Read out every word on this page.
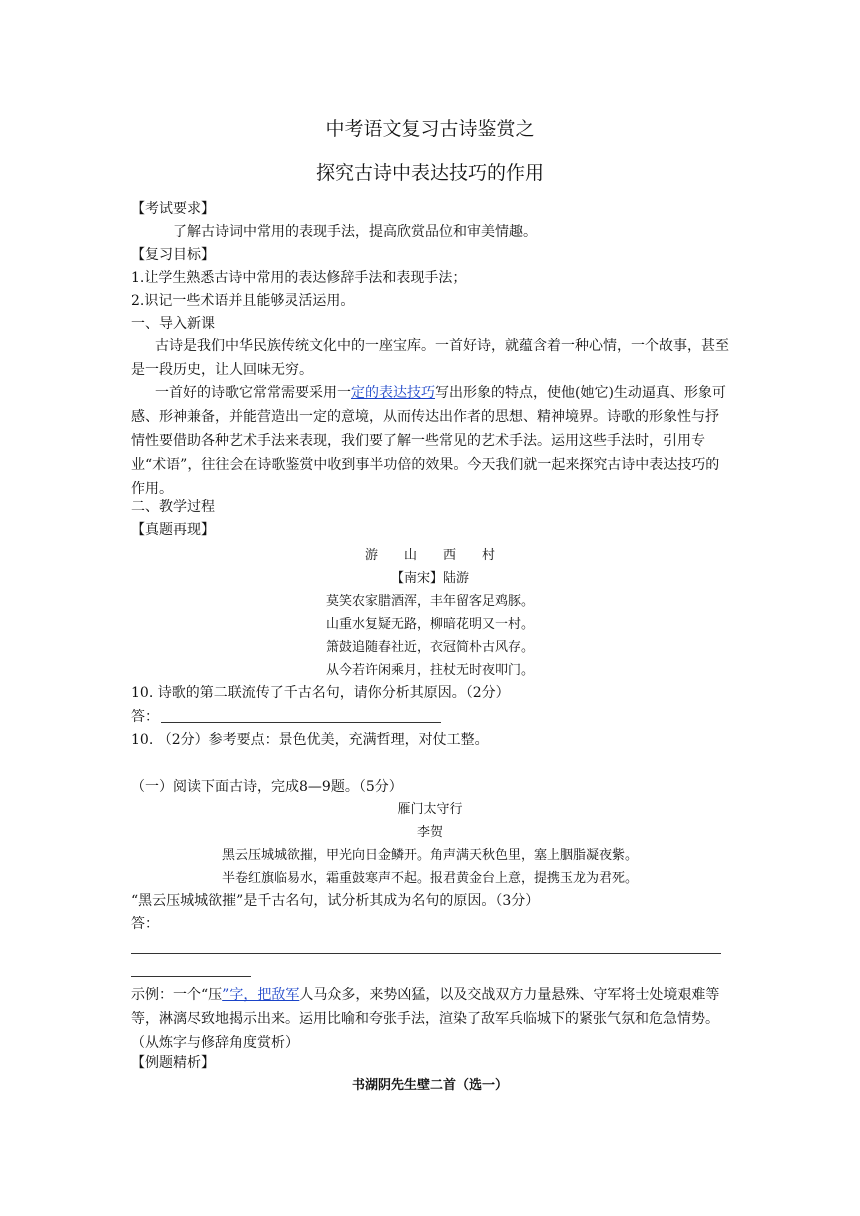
中考语文复习古诗鉴赏之
探究古诗中表达技巧的作用
【考试要求】
了解古诗词中常用的表现手法，提高欣赏品位和审美情趣。
【复习目标】
1.让学生熟悉古诗中常用的表达修辞手法和表现手法；
2.识记一些术语并且能够灵活运用。
一、导入新课
古诗是我们中华民族传统文化中的一座宝库。一首好诗，就蕴含着一种心情，一个故事，甚至是一段历史，让人回味无穷。
一首好的诗歌它常常需要采用一定的表达技巧写出形象的特点，使他(她它)生动逼真、形象可感、形神兼备，并能营造出一定的意境，从而传达出作者的思想、精神境界。诗歌的形象性与抒情性要借助各种艺术手法来表现，我们要了解一些常见的艺术手法。运用这些手法时，引用专业“术语”，往往会在诗歌鉴赏中收到事半功倍的效果。今天我们就一起来探究古诗中表达技巧的作用。
二、教学过程
【真题再现】
游　　山　　西　　村
【南宋】陆游
莫笑农家腊酒浑，丰年留客足鸡豚。
山重水复疑无路，柳暗花明又一村。
箫鼓追随春社近，衣冠简朴古风存。
从今若许闲乘月，拄杖无时夜叩门。
10. 诗歌的第二联流传了千古名句，请你分析其原因。（2分）
答：
10. （2分）参考要点：景色优美，充满哲理，对仗工整。
（一）阅读下面古诗，完成8—9题。（5分）
雁门太守行
李贺
黑云压城城欲摧，甲光向日金鳞开。角声满天秋色里，塞上胭脂凝夜紫。
半卷红旗临易水，霜重鼓寒声不起。报君黄金台上意，提携玉龙为君死。
“黑云压城城欲摧”是千古名句，试分析其成为名句的原因。（3分）
答：
示例：一个“压”字，把敌军人马众多，来势凶猛，以及交战双方力量悬殊、守军将士处境艰难等等，淋漓尽致地揭示出来。运用比喻和夸张手法，渲染了敌军兵临城下的紧张气氛和危急情势。（从炼字与修辞角度赏析）
【例题精析】
书湖阴先生壁二首（选一）
